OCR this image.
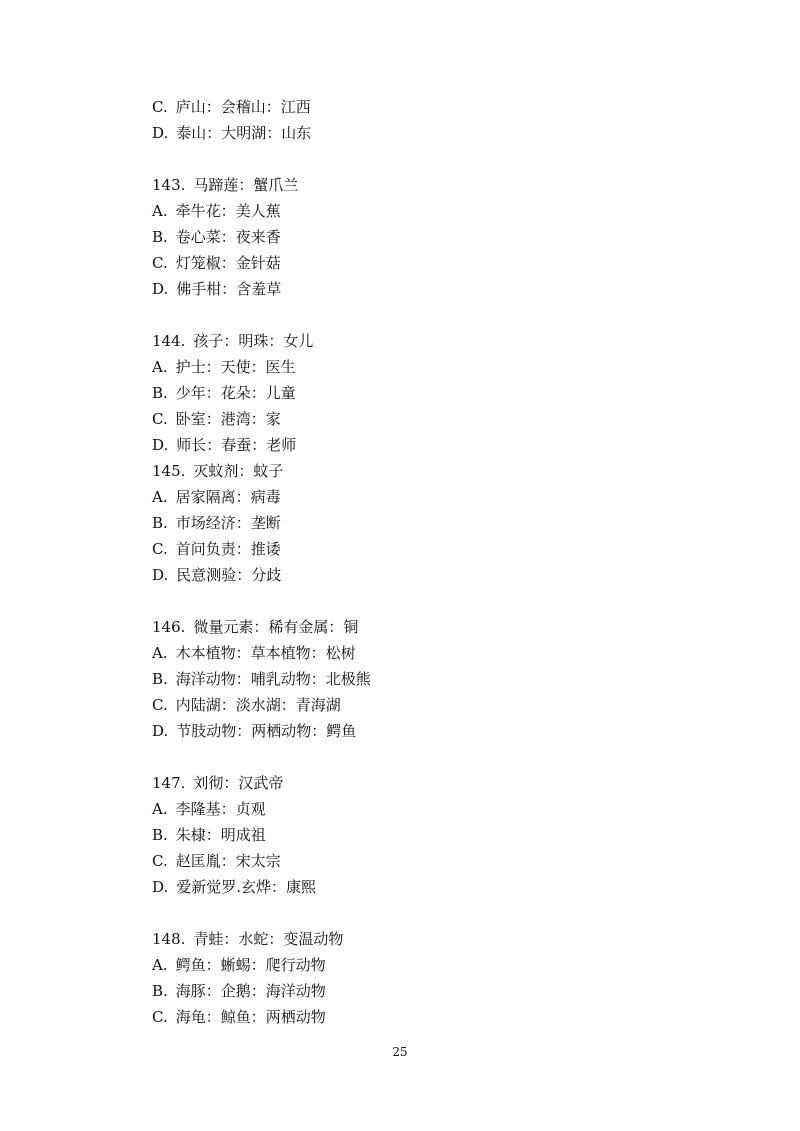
C. 庐山：会稽山：江西
D. 泰山：大明湖：山东
143. 马蹄莲：蟹爪兰
A. 牵牛花：美人蕉
B. 卷心菜：夜来香
C. 灯笼椒：金针菇
D. 佛手柑：含羞草
144. 孩子：明珠：女儿
A. 护士：天使：医生
B. 少年：花朵：儿童
C. 卧室：港湾：家
D. 师长：春蚕：老师
145. 灭蚊剂：蚊子
A. 居家隔离：病毒
B. 市场经济：垄断
C. 首问负责：推诿
D. 民意测验：分歧
146. 微量元素：稀有金属：铜
A. 木本植物：草本植物：松树
B. 海洋动物：哺乳动物：北极熊
C. 内陆湖：淡水湖：青海湖
D. 节肢动物：两栖动物：鳄鱼
147. 刘彻：汉武帝
A. 李隆基：贞观
B. 朱棣：明成祖
C. 赵匡胤：宋太宗
D. 爱新觉罗.玄烨：康熙
148. 青蛙：水蛇：变温动物
A. 鳄鱼：蜥蜴：爬行动物
B. 海豚：企鹅：海洋动物
C. 海龟：鲸鱼：两栖动物
25
